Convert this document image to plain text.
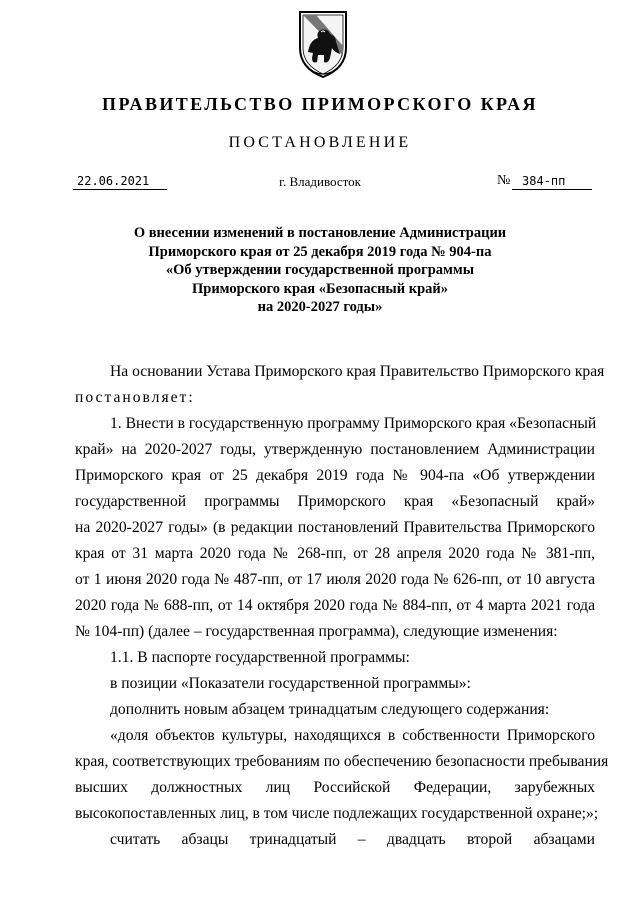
ПРАВИТЕЛЬСТВО ПРИМОРСКОГО КРАЯ
ПОСТАНОВЛЕНИЕ
22.06.2021	г. Владивосток	№ 384-пп
О внесении изменений в постановление Администрации
Приморского края от 25 декабря 2019 года № 904-па
«Об утверждении государственной программы
Приморского края «Безопасный край»
на 2020-2027 годы»
На основании Устава Приморского края Правительство Приморского края
постановляет:
1. Внести в государственную программу Приморского края «Безопасный
край» на 2020-2027 годы, утвержденную постановлением Администрации
Приморского края от 25 декабря 2019 года № 904-па «Об утверждении
государственной программы Приморского края «Безопасный край»
на 2020-2027 годы» (в редакции постановлений Правительства Приморского
края от 31 марта 2020 года № 268-пп, от 28 апреля 2020 года № 381-пп,
от 1 июня 2020 года № 487-пп, от 17 июля 2020 года № 626-пп, от 10 августа
2020 года № 688-пп, от 14 октября 2020 года № 884-пп, от 4 марта 2021 года
№ 104-пп) (далее – государственная программа), следующие изменения:
1.1. В паспорте государственной программы:
в позиции «Показатели государственной программы»:
дополнить новым абзацем тринадцатым следующего содержания:
«доля объектов культуры, находящихся в собственности Приморского
края, соответствующих требованиям по обеспечению безопасности пребывания
высших должностных лиц Российской Федерации, зарубежных
высокопоставленных лиц, в том числе подлежащих государственной охране;»;
считать абзацы тринадцатый – двадцать второй абзацами
